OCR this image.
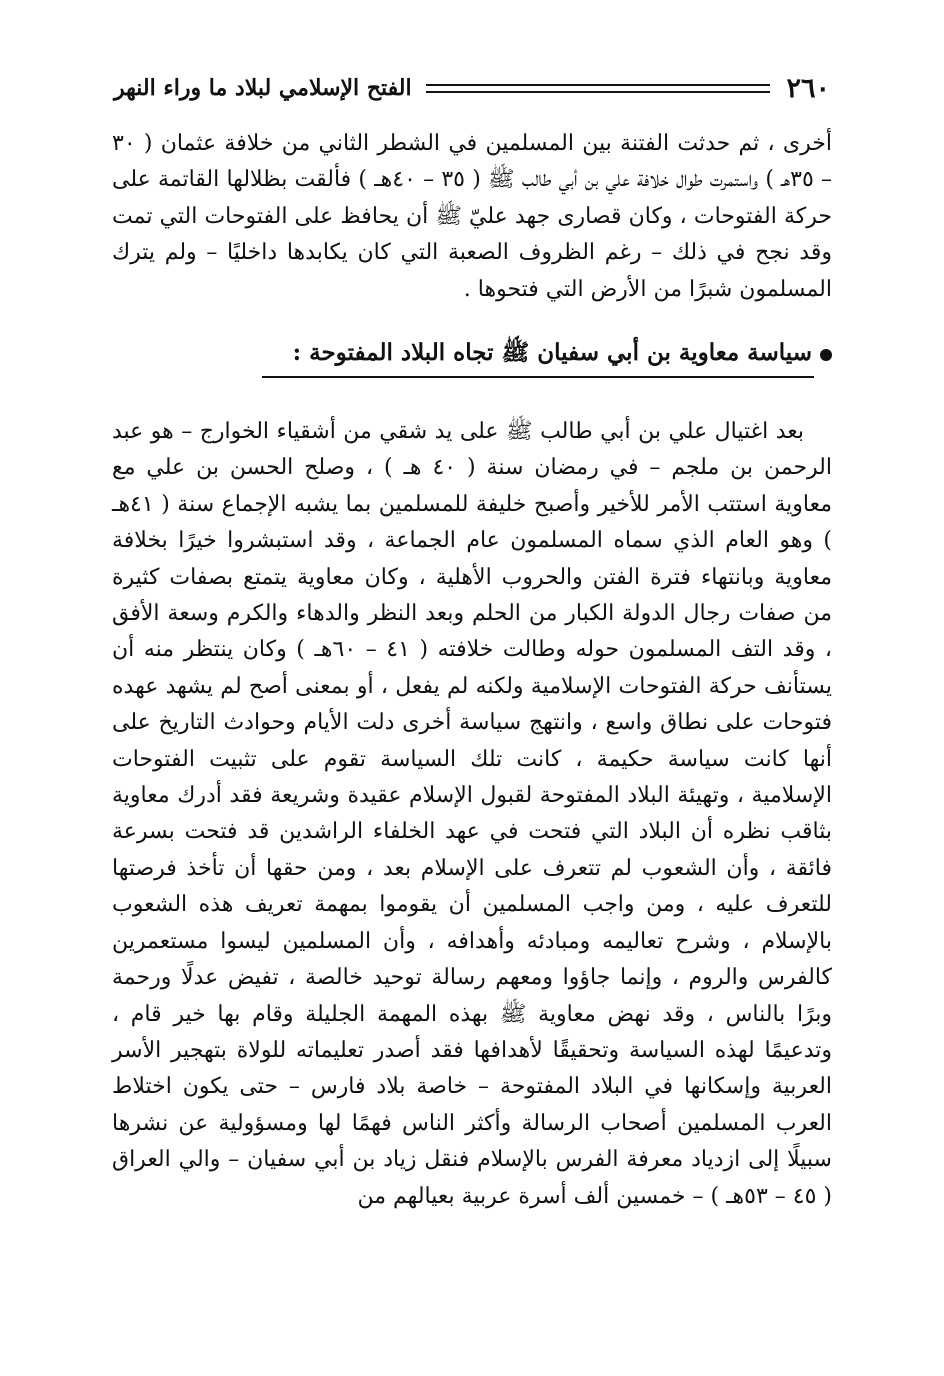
٢٦٠
الفتح الإسلامي لبلاد ما وراء النهر

أخرى ، ثم حدثت الفتنة بين المسلمين في الشطر الثاني من خلافة عثمان ( ٣٠ – ٣٥هـ ) واستمرت طوال خلافة علي بن أبي طالب ﷺ ( ٣٥ – ٤٠هـ ) فألقت بظلالها القاتمة على حركة الفتوحات ، وكان قصارى جهد عليّ ﷺ أن يحافظ على الفتوحات التي تمت وقد نجح في ذلك – رغم الظروف الصعبة التي كان يكابدها داخليًا – ولم يترك المسلمون شبرًا من الأرض التي فتحوها .

سياسة معاوية بن أبي سفيان ﷺ تجاه البلاد المفتوحة :

بعد اغتيال علي بن أبي طالب ﷺ على يد شقي من أشقياء الخوارج – هو عبد الرحمن بن ملجم – في رمضان سنة ( ٤٠ هـ ) ، وصلح الحسن بن علي مع معاوية استتب الأمر للأخير وأصبح خليفة للمسلمين بما يشبه الإجماع سنة ( ٤١هـ ) وهو العام الذي سماه المسلمون عام الجماعة ، وقد استبشروا خيرًا بخلافة معاوية وبانتهاء فترة الفتن والحروب الأهلية ، وكان معاوية يتمتع بصفات كثيرة من صفات رجال الدولة الكبار من الحلم وبعد النظر والدهاء والكرم وسعة الأفق ، وقد التف المسلمون حوله وطالت خلافته ( ٤١ – ٦٠هـ ) وكان ينتظر منه أن يستأنف حركة الفتوحات الإسلامية ولكنه لم يفعل ، أو بمعنى أصح لم يشهد عهده فتوحات على نطاق واسع ، وانتهج سياسة أخرى دلت الأيام وحوادث التاريخ على أنها كانت سياسة حكيمة ، كانت تلك السياسة تقوم على تثبيت الفتوحات الإسلامية ، وتهيئة البلاد المفتوحة لقبول الإسلام عقيدة وشريعة فقد أدرك معاوية بثاقب نظره أن البلاد التي فتحت في عهد الخلفاء الراشدين قد فتحت بسرعة فائقة ، وأن الشعوب لم تتعرف على الإسلام بعد ، ومن حقها أن تأخذ فرصتها للتعرف عليه ، ومن واجب المسلمين أن يقوموا بمهمة تعريف هذه الشعوب بالإسلام ، وشرح تعاليمه ومبادئه وأهدافه ، وأن المسلمين ليسوا مستعمرين كالفرس والروم ، وإنما جاؤوا ومعهم رسالة توحيد خالصة ، تفيض عدلًا ورحمة وبرًا بالناس ، وقد نهض معاوية ﷺ بهذه المهمة الجليلة وقام بها خير قام ، وتدعيمًا لهذه السياسة وتحقيقًا لأهدافها فقد أصدر تعليماته للولاة بتهجير الأسر العربية وإسكانها في البلاد المفتوحة – خاصة بلاد فارس – حتى يكون اختلاط العرب المسلمين أصحاب الرسالة وأكثر الناس فهمًا لها ومسؤولية عن نشرها سبيلًا إلى ازدياد معرفة الفرس بالإسلام فنقل زياد بن أبي سفيان – والي العراق ( ٤٥ – ٥٣هـ ) – خمسين ألف أسرة عربية بعيالهم من
